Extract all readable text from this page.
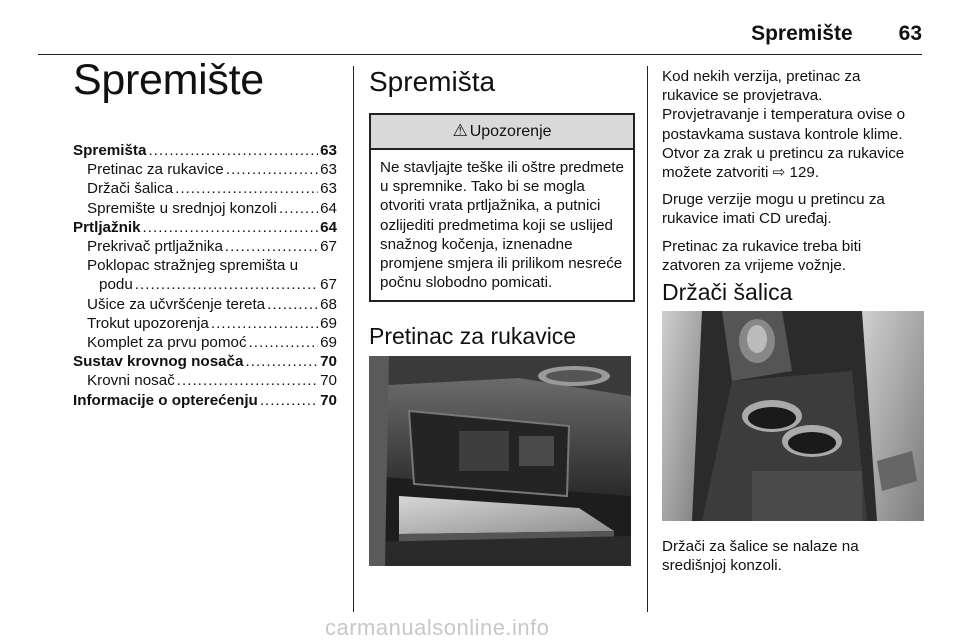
Spremište 63
Spremište
Spremišta .....	63
Pretinac za rukavice .....	63
Držači šalica .....	63
Spremište u srednjoj konzoli .....	64
Prtljažnik .....	64
Prekrivač prtljažnika .....	67
Poklopac stražnjeg spremišta u
podu .....	67
Ušice za učvršćenje tereta .....	68
Trokut upozorenja .....	69
Komplet za prvu pomoć .....	69
Sustav krovnog nosača .....	70
Krovni nosač .....	70
Informacije o opterećenju .....	70
Spremišta
⚠ Upozorenje
Ne stavljajte teške ili oštre predmete u spremnike. Tako bi se mogla otvoriti vrata prtljažnika, a putnici ozlijediti predmetima koji se uslijed snažnog kočenja, iznenadne promjene smjera ili prilikom nesreće počnu slobodno pomicati.
Pretinac za rukavice

Kod nekih verzija, pretinac za
rukavice se provjetrava.

Provjetravanje i temperatura ovise o
postavkama sustava kontrole klime.
Otvor za zrak u pretincu za rukavice
možete zatvoriti ⇨ 129.

Druge verzije mogu u pretincu za
rukavice imati CD uređaj.

Pretinac za rukavice treba biti
zatvoren za vrijeme vožnje.

Držači šalica
Držači za šalice se nalaze na
središnjoj konzoli.
carmanualsonline.info
